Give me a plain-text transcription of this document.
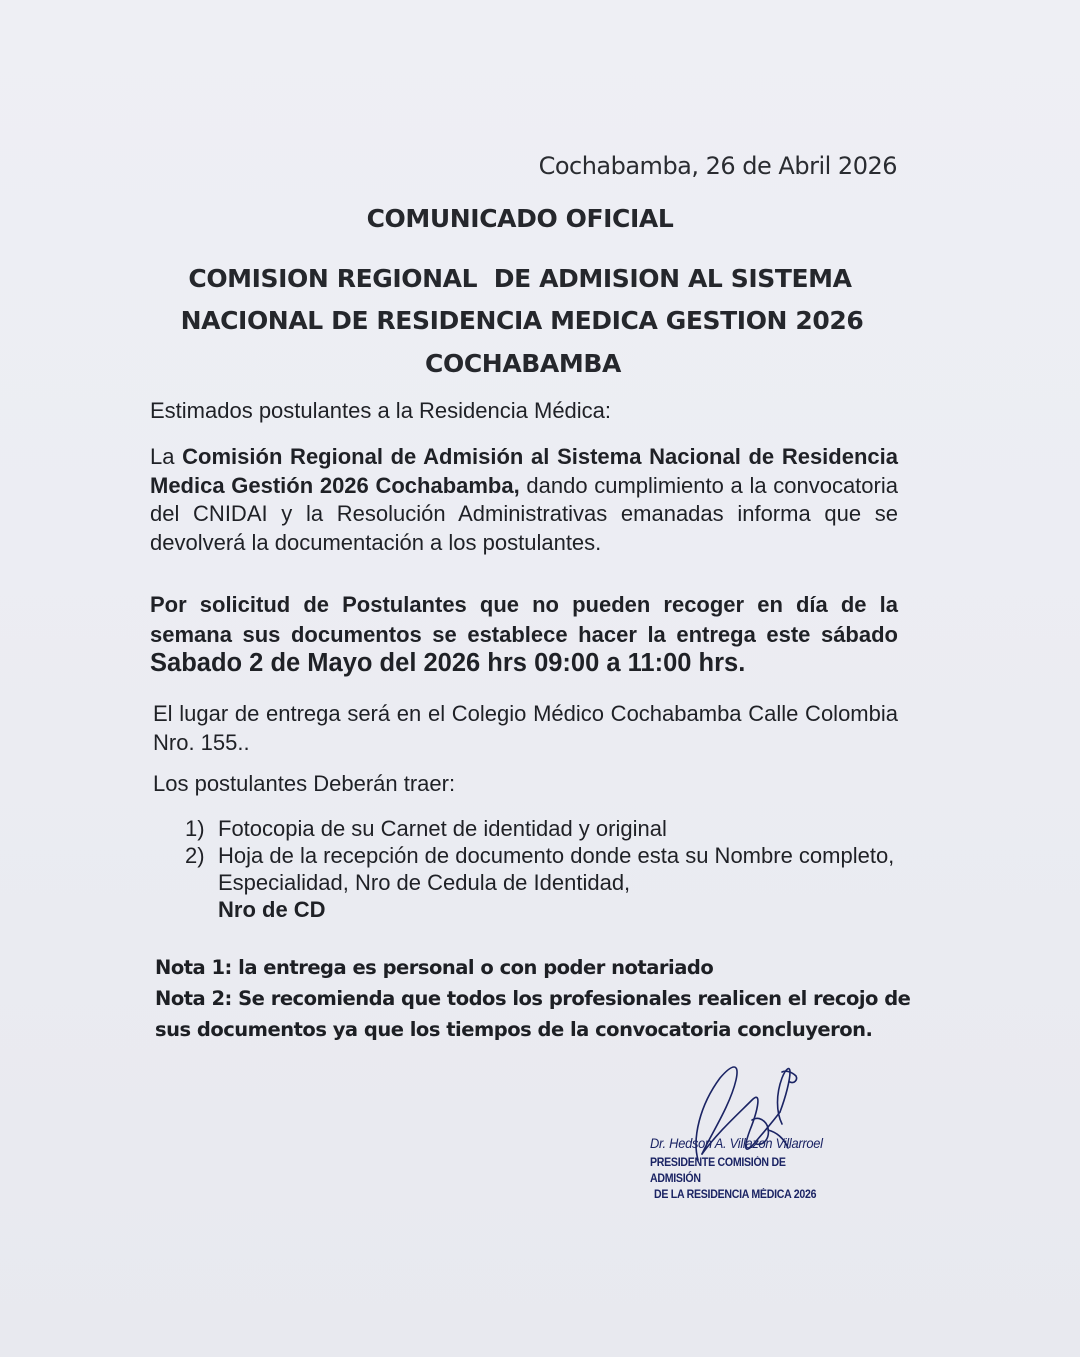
Cochabamba, 26 de Abril 2026
COMUNICADO OFICIAL
COMISION REGIONAL  DE ADMISION AL SISTEMA
NACIONAL DE RESIDENCIA MEDICA GESTION 2026
COCHABAMBA
Estimados postulantes a la Residencia Médica:
La Comisión Regional de Admisión al Sistema Nacional de Residencia Medica Gestión 2026 Cochabamba, dando cumplimiento a la convocatoria del CNIDAI y la Resolución Administrativas emanadas informa que se devolverá la documentación a los postulantes.
Por solicitud de Postulantes que no pueden recoger en día de la semana sus documentos se establece hacer la entrega este sábado Sabado 2 de Mayo del 2026 hrs 09:00 a 11:00 hrs.
El lugar de entrega será en el Colegio Médico Cochabamba Calle Colombia Nro. 155..
Los postulantes Deberán traer:
1) Fotocopia de su Carnet de identidad y original
2) Hoja de la recepción de documento donde esta su Nombre completo, Especialidad, Nro de Cedula de Identidad,
Nro de CD
Nota 1: la entrega es personal o con poder notariado
Nota 2: Se recomienda que todos los profesionales realicen el recojo de sus documentos ya que los tiempos de la convocatoria concluyeron.
Dr. Hedson A. Villazon Villarroel
PRESIDENTE COMISIÓN DE ADMISIÓN
DE LA RESIDENCIA MÉDICA 2026
